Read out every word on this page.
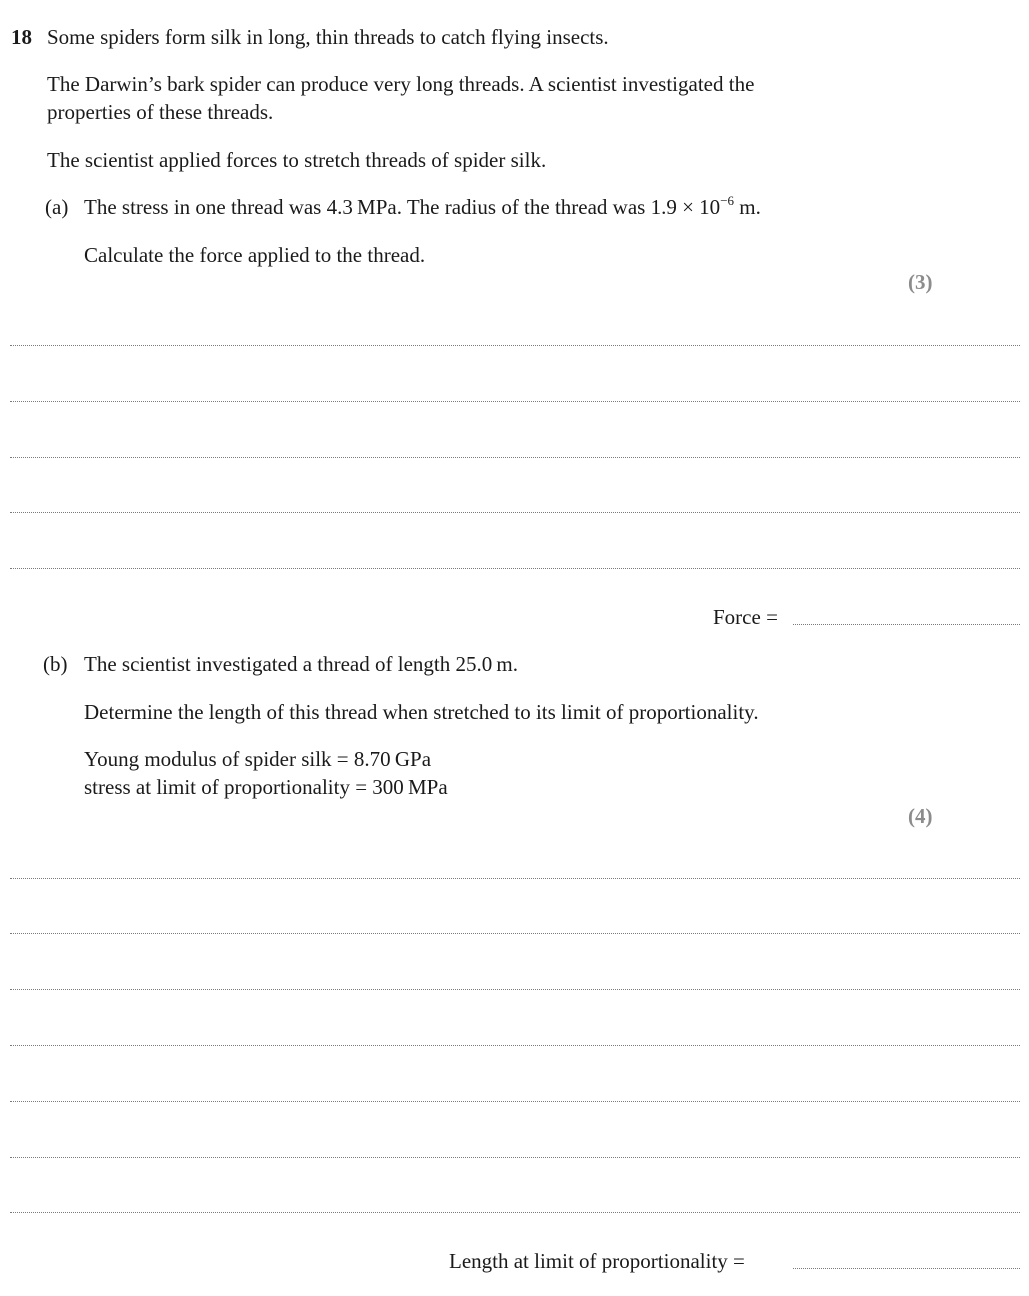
18 Some spiders form silk in long, thin threads to catch flying insects.
The Darwin’s bark spider can produce very long threads. A scientist investigated the
properties of these threads.
The scientist applied forces to stretch threads of spider silk.
(a) The stress in one thread was 4.3 MPa. The radius of the thread was $1.9 \times 10^{-6}$ m.
Calculate the force applied to the thread.
(3)
Force =
(b) The scientist investigated a thread of length 25.0 m.
Determine the length of this thread when stretched to its limit of proportionality.
Young modulus of spider silk = 8.70 GPa
stress at limit of proportionality = 300 MPa
(4)
Length at limit of proportionality =
